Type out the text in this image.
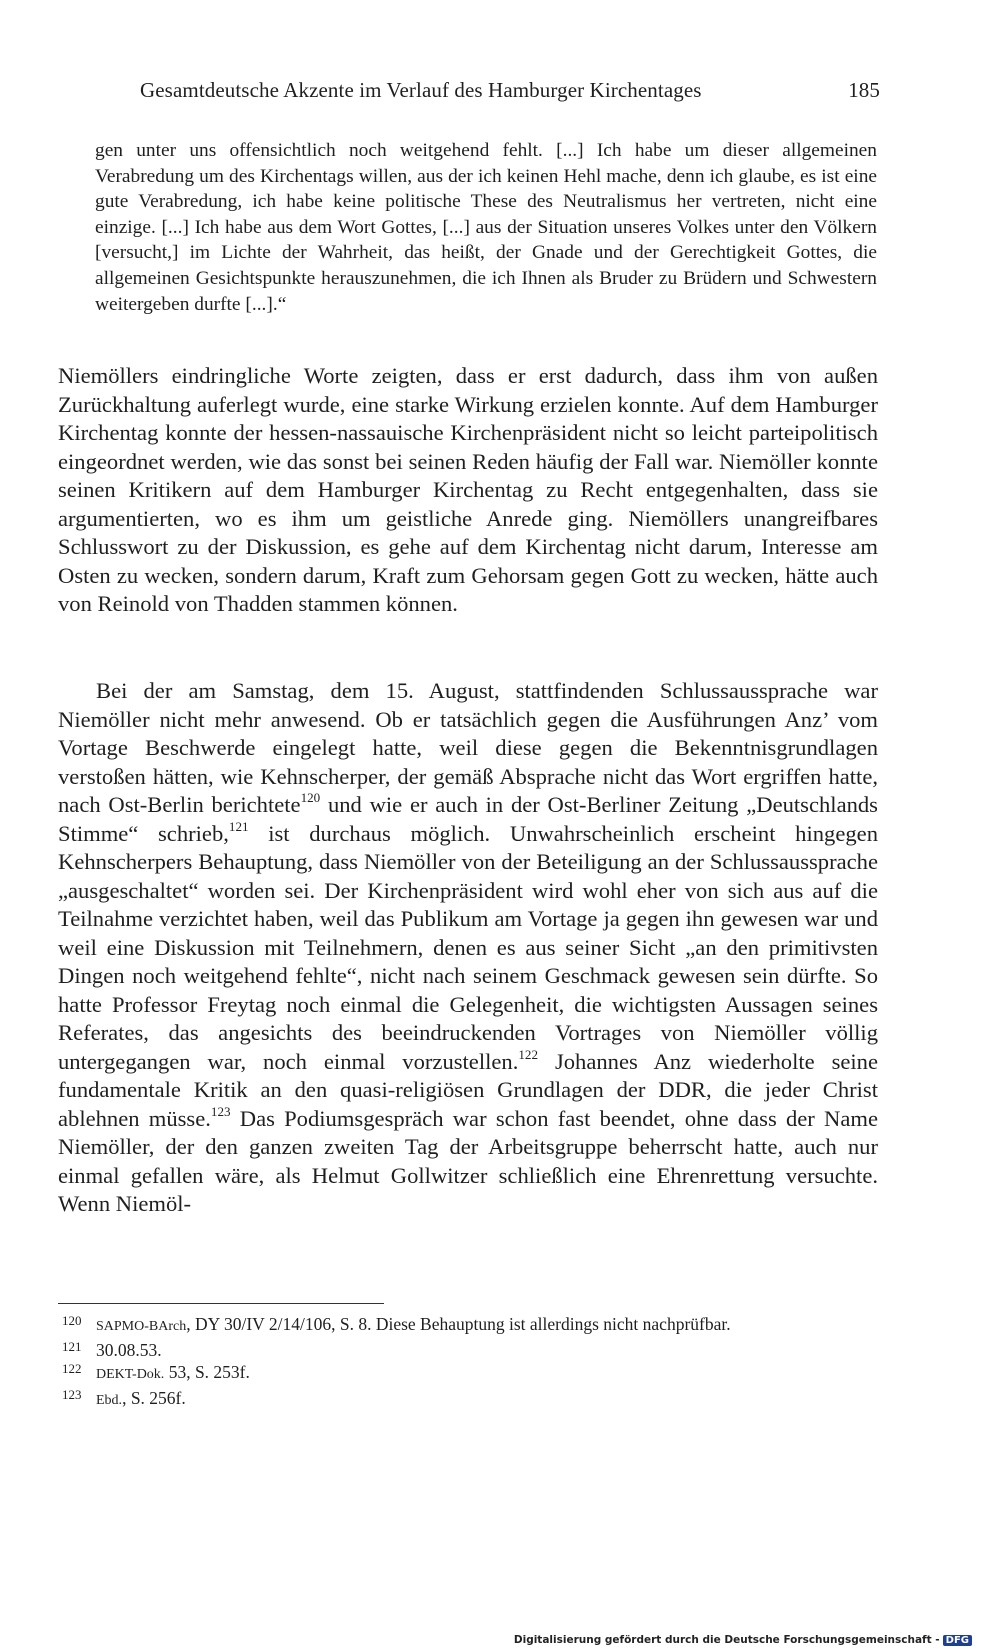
Gesamtdeutsche Akzente im Verlauf des Hamburger Kirchentages	185

gen unter uns offensichtlich noch weitgehend fehlt. [...] Ich habe um dieser allgemeinen Verabredung um des Kirchentags willen, aus der ich keinen Hehl mache, denn ich glaube, es ist eine gute Verabredung, ich habe keine politische These des Neutralismus her vertreten, nicht eine einzige. [...] Ich habe aus dem Wort Gottes, [...] aus der Situation unseres Volkes unter den Völkern [versucht,] im Lichte der Wahrheit, das heißt, der Gnade und der Gerechtigkeit Gottes, die allgemeinen Gesichtspunkte herauszunehmen, die ich Ihnen als Bruder zu Brüdern und Schwestern weitergeben durfte [...].“

Niemöllers eindringliche Worte zeigten, dass er erst dadurch, dass ihm von außen Zurückhaltung auferlegt wurde, eine starke Wirkung erzielen konnte. Auf dem Hamburger Kirchentag konnte der hessen-nassauische Kirchenpräsident nicht so leicht parteipolitisch eingeordnet werden, wie das sonst bei seinen Reden häufig der Fall war. Niemöller konnte seinen Kritikern auf dem Hamburger Kirchentag zu Recht entgegenhalten, dass sie argumentierten, wo es ihm um geistliche Anrede ging. Niemöllers unangreifbares Schlusswort zu der Diskussion, es gehe auf dem Kirchentag nicht darum, Interesse am Osten zu wecken, sondern darum, Kraft zum Gehorsam gegen Gott zu wecken, hätte auch von Reinold von Thadden stammen können.

Bei der am Samstag, dem 15. August, stattfindenden Schlussaussprache war Niemöller nicht mehr anwesend. Ob er tatsächlich gegen die Ausführungen Anz’ vom Vortage Beschwerde eingelegt hatte, weil diese gegen die Bekenntnisgrundlagen verstoßen hätten, wie Kehnscherper, der gemäß Absprache nicht das Wort ergriffen hatte, nach Ost-Berlin berichtete$^{120}$ und wie er auch in der Ost-Berliner Zeitung „Deutschlands Stimme“ schrieb,$^{121}$ ist durchaus möglich. Unwahrscheinlich erscheint hingegen Kehnscherpers Behauptung, dass Niemöller von der Beteiligung an der Schlussaussprache „ausgeschaltet“ worden sei. Der Kirchenpräsident wird wohl eher von sich aus auf die Teilnahme verzichtet haben, weil das Publikum am Vortage ja gegen ihn gewesen war und weil eine Diskussion mit Teilnehmern, denen es aus seiner Sicht „an den primitivsten Dingen noch weitgehend fehlte“, nicht nach seinem Geschmack gewesen sein dürfte. So hatte Professor Freytag noch einmal die Gelegenheit, die wichtigsten Aussagen seines Referates, das angesichts des beeindruckenden Vortrages von Niemöller völlig untergegangen war, noch einmal vorzustellen.$^{122}$ Johannes Anz wiederholte seine fundamentale Kritik an den quasi-religiösen Grundlagen der DDR, die jeder Christ ablehnen müsse.$^{123}$ Das Podiumsgespräch war schon fast beendet, ohne dass der Name Niemöller, der den ganzen zweiten Tag der Arbeitsgruppe beherrscht hatte, auch nur einmal gefallen wäre, als Helmut Gollwitzer schließlich eine Ehrenrettung versuchte. Wenn Niemöl-

120 SAPMO-BArch, DY 30/IV 2/14/106, S. 8. Diese Behauptung ist allerdings nicht nachprüfbar.
121 30.08.53.
122 DEKT-Dok. 53, S. 253f.
123 Ebd., S. 256f.
Digitalisierung gefördert durch die Deutsche Forschungsgemeinschaft - DFG
